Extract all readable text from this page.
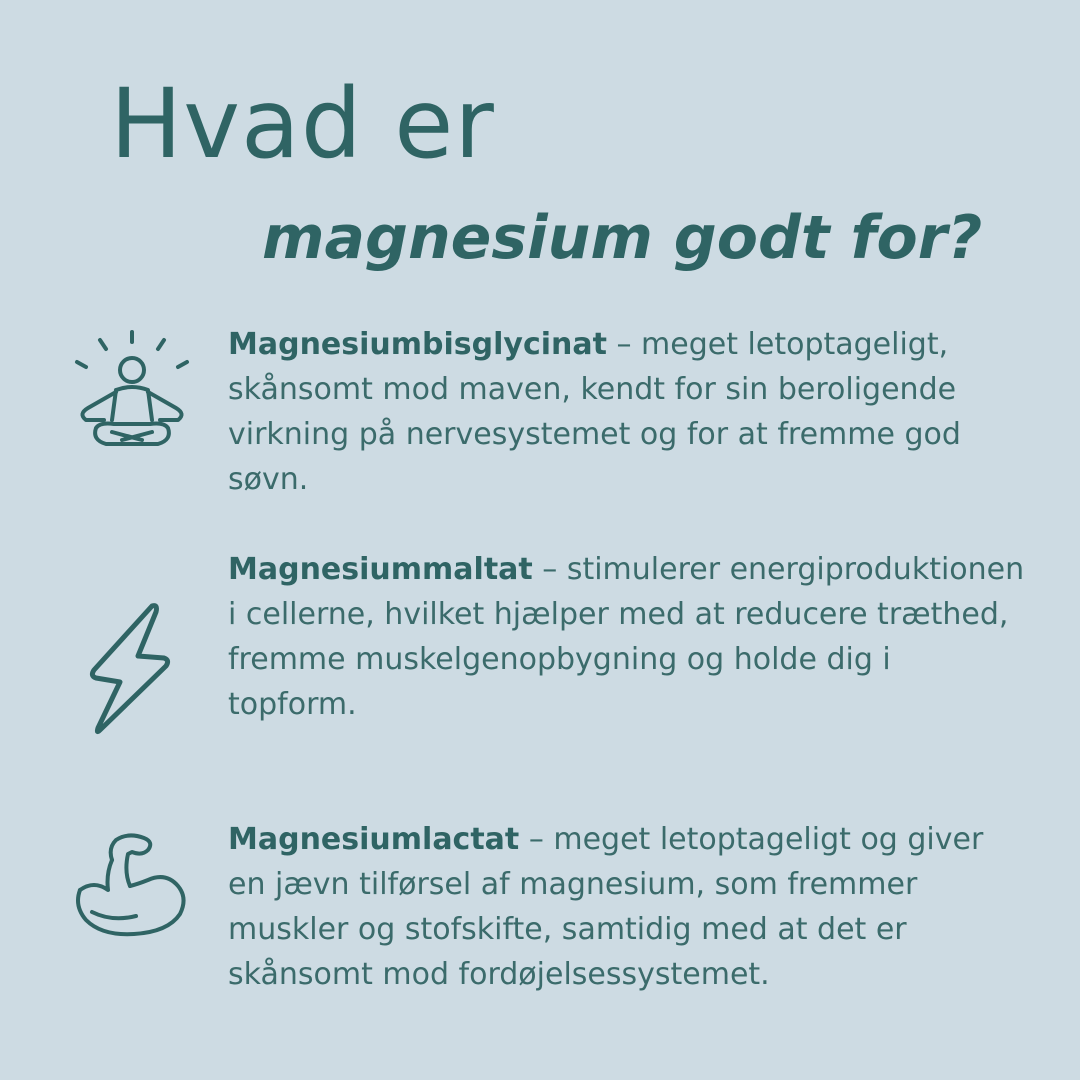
Hvad er
magnesium godt for?
Magnesiumbisglycinat – meget letoptageligt, skånsomt mod maven, kendt for sin beroligende virkning på nervesystemet og for at fremme god søvn.
Magnesiummaltat – stimulerer energiproduktionen i cellerne, hvilket hjælper med at reducere træthed, fremme muskelgenopbygning og holde dig i topform.
Magnesiumlactat – meget letoptageligt og giver en jævn tilførsel af magnesium, som fremmer muskler og stofskifte, samtidig med at det er skånsomt mod fordøjelsessystemet.
